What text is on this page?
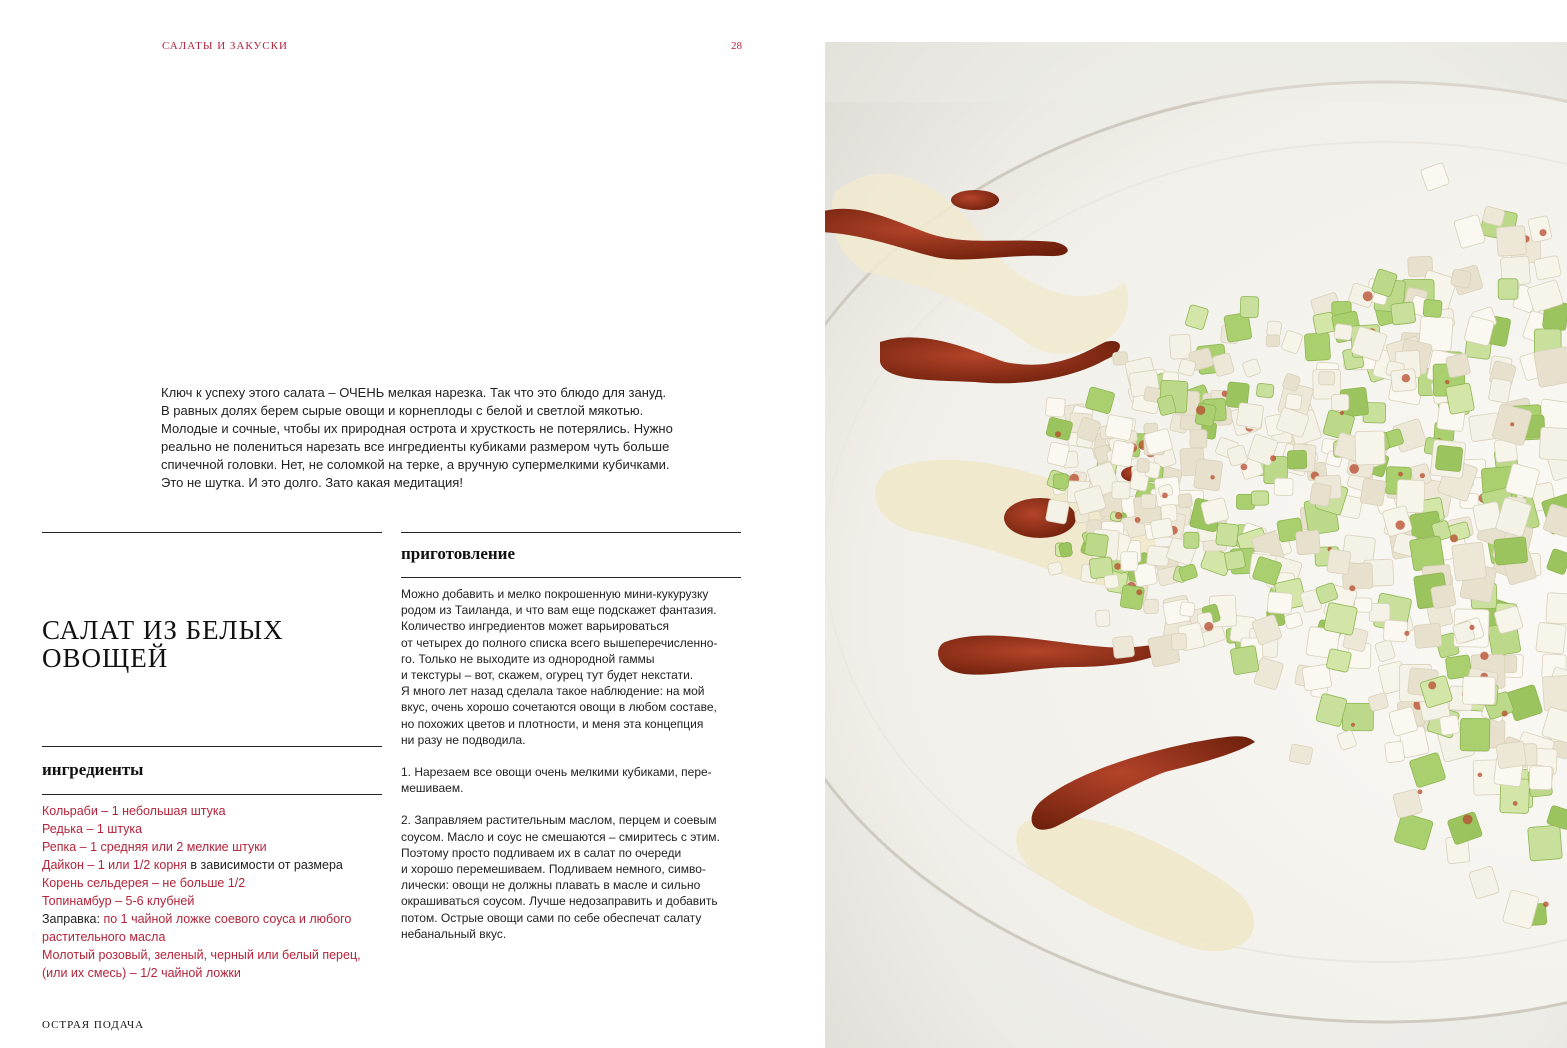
САЛАТЫ И ЗАКУСКИ	28

Ключ к успеху этого салата – ОЧЕНЬ мелкая нарезка. Так что это блюдо для зануд.

В равных долях берем сырые овощи и корнеплоды с белой и светлой мякотью.

Молодые и сочные, чтобы их природная острота и хрусткость не потерялись. Нужно

реально не полениться нарезать все ингредиенты кубиками размером чуть больше

спичечной головки. Нет, не соломкой на терке, а вручную супермелкими кубичками.

Это не шутка. И это долго. Зато какая медитация!

САЛАТ ИЗ БЕЛЫХ
ОВОЩЕЙ
ингредиенты
Кольраби – 1 небольшая штука
Редька – 1 штука
Репка – 1 средняя или 2 мелкие штуки
Дайкон – 1 или 1/2 корня в зависимости от размера
Корень сельдерея – не больше 1/2
Топинамбур – 5-6 клубней
Заправка: по 1 чайной ложке соевого соуса и любого
растительного масла
Молотый розовый, зеленый, черный или белый перец,
(или их смесь) – 1/2 чайной ложки
приготовление

Можно добавить и мелко покрошенную мини-кукурузку

родом из Таиланда, и что вам еще подскажет фантазия.

Количество ингредиентов может варьироваться

от четырех до полного списка всего вышеперечисленно-

го. Только не выходите из однородной гаммы

и текстуры – вот, скажем, огурец тут будет некстати.

Я много лет назад сделала такое наблюдение: на мой

вкус, очень хорошо сочетаются овощи в любом составе,

но похожих цветов и плотности, и меня эта концепция

ни разу не подводила.

1. Нарезаем все овощи очень мелкими кубиками, пере-

мешиваем.

2. Заправляем растительным маслом, перцем и соевым

соусом. Масло и соус не смешаются – смиритесь с этим.

Поэтому просто подливаем их в салат по очереди

и хорошо перемешиваем. Подливаем немного, симво-

лически: овощи не должны плавать в масле и сильно

окрашиваться соусом. Лучше недозаправить и добавить

потом. Острые овощи сами по себе обеспечат салату

небанальный вкус.

ОСТРАЯ ПОДАЧА
